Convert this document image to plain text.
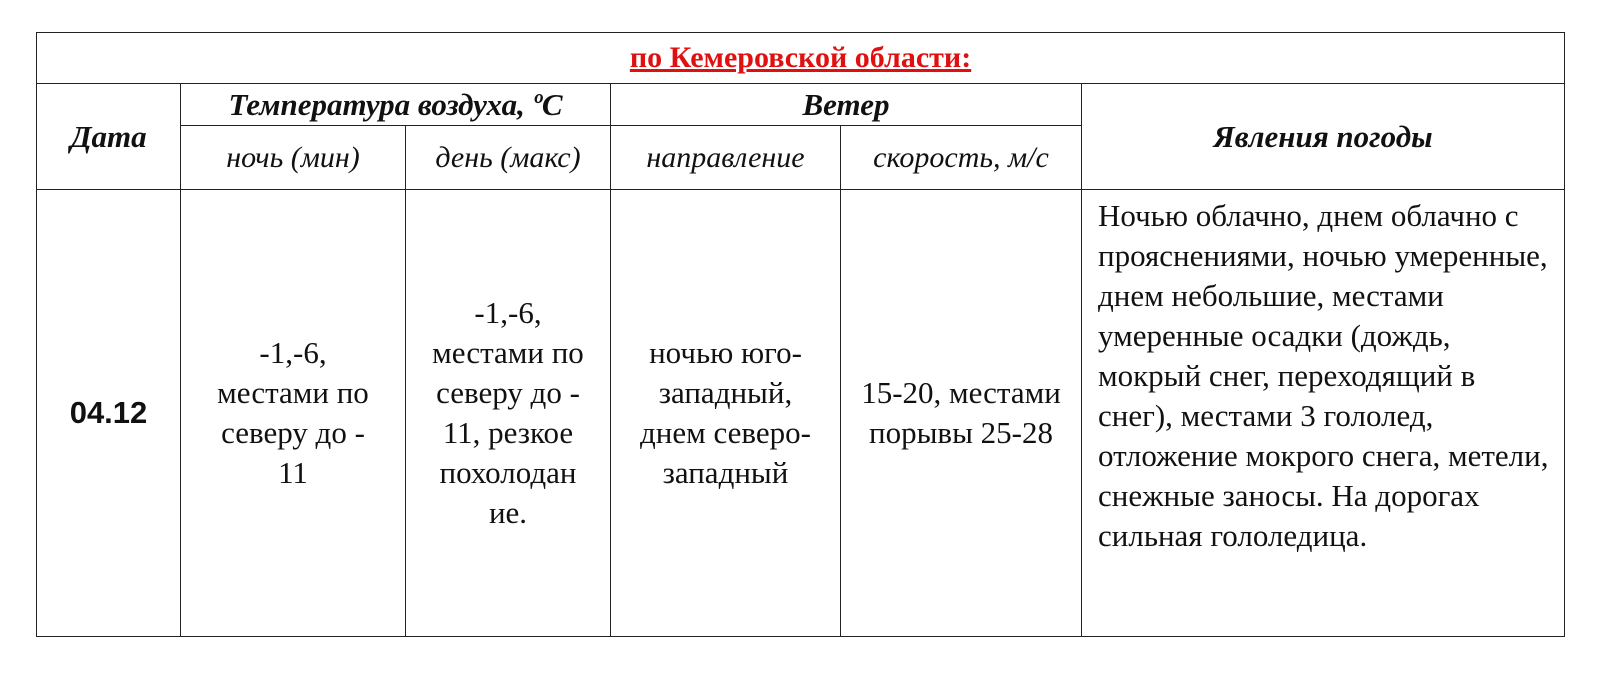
по Кемеровской области:					
Дата	Температура воздуха, ºС		Ветер		Явления погоды
	ночь (мин)	день (макс)	направление	скорость, м/с	
04.12	-1,-6, местами по северу до - 11	-1,-6, местами по северу до - 11, резкое похолодан ие.	ночью юго-западный, днем северо-западный	15-20, местами порывы 25-28	Ночью облачно, днем облачно с прояснениями, ночью умеренные, днем небольшие, местами умеренные осадки (дождь, мокрый снег, переходящий в снег), местами 3 гололед, отложение мокрого снега, метели, снежные заносы. На дорогах сильная гололедица.
